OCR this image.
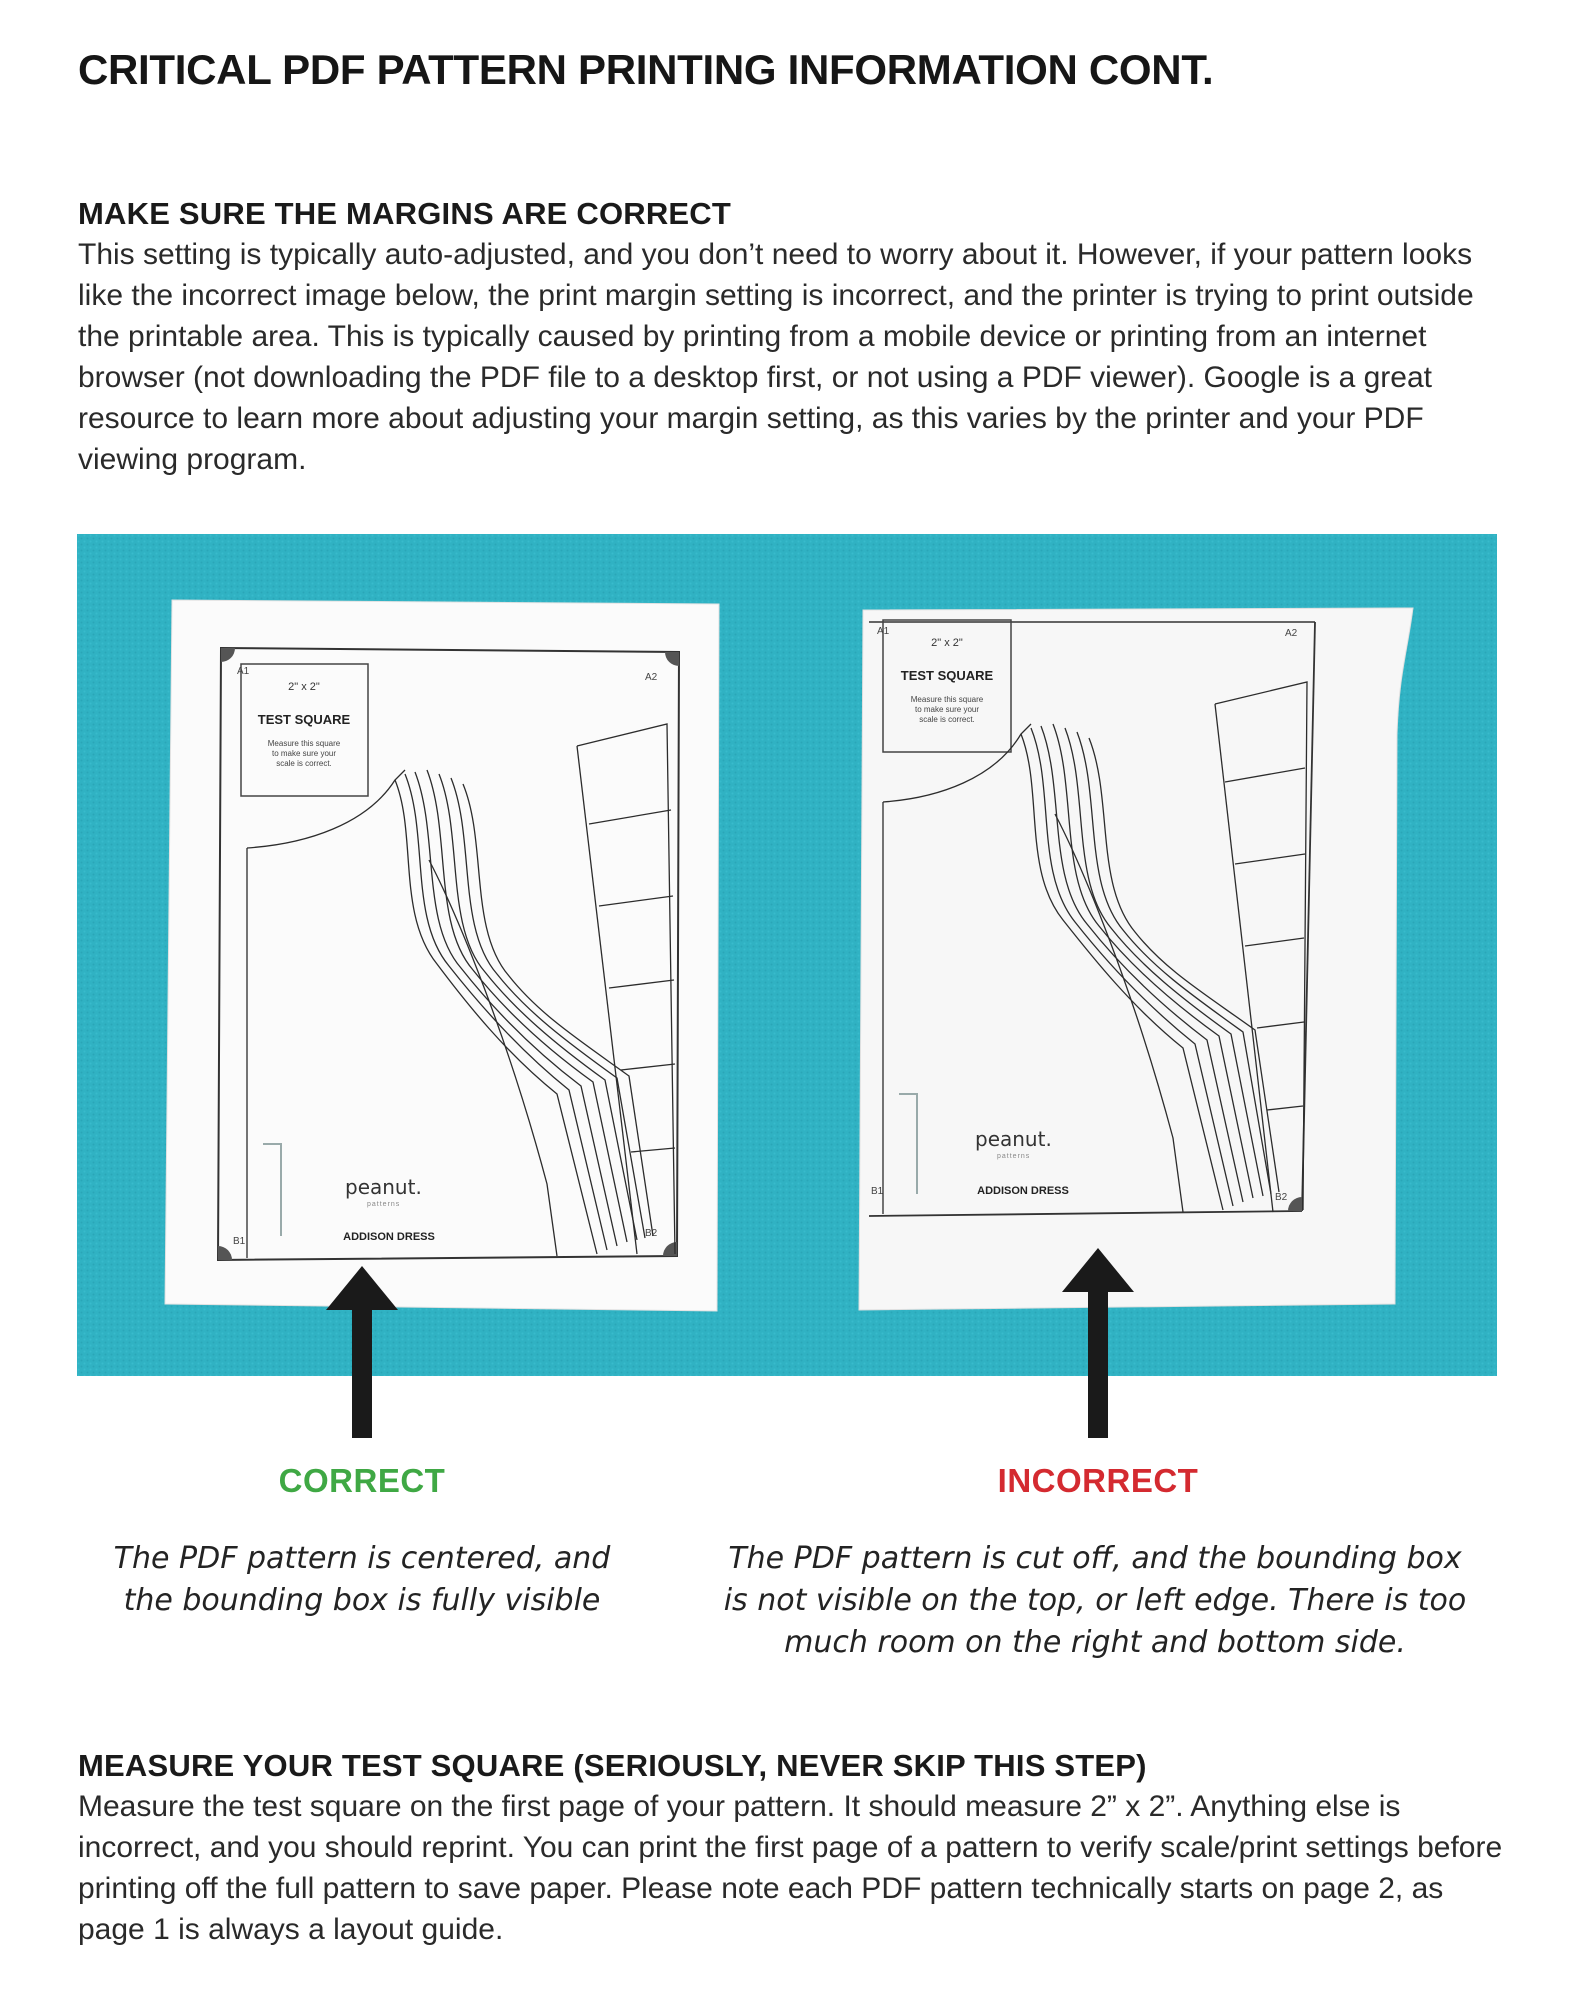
CRITICAL PDF PATTERN PRINTING INFORMATION CONT.
MAKE SURE THE MARGINS ARE CORRECT

This setting is typically auto-adjusted, and you don’t need to worry about it. However, if your pattern looks like the incorrect image below, the print margin setting is incorrect, and the printer is trying to print outside the printable area. This is typically caused by printing from a mobile device or printing from an internet browser (not downloading the PDF file to a desktop first, or not using a PDF viewer). Google is a great resource to learn more about adjusting your margin setting, as this varies by the printer and your PDF viewing program.

A1
A2
B1
B2
2" x 2"
TEST SQUARE
Measure this square
to make sure your
scale is correct.
peanut.
patterns
ADDISON DRESS
A1	A2
B1
B2
2" x 2"
TEST SQUARE
Measure this square
to make sure your
scale is correct.
peanut.
patterns
ADDISON DRESS
CORRECT	INCORRECT
The PDF pattern is centered, and
the bounding box is fully visible
The PDF pattern is cut off, and the bounding box
is not visible on the top, or left edge. There is too
much room on the right and bottom side.
MEASURE YOUR TEST SQUARE (SERIOUSLY, NEVER SKIP THIS STEP)

Measure the test square on the first page of your pattern. It should measure 2” x 2”. Anything else is incorrect, and you should reprint. You can print the first page of a pattern to verify scale/print settings before printing off the full pattern to save paper. Please note each PDF pattern technically starts on page 2, as page 1 is always a layout guide.
